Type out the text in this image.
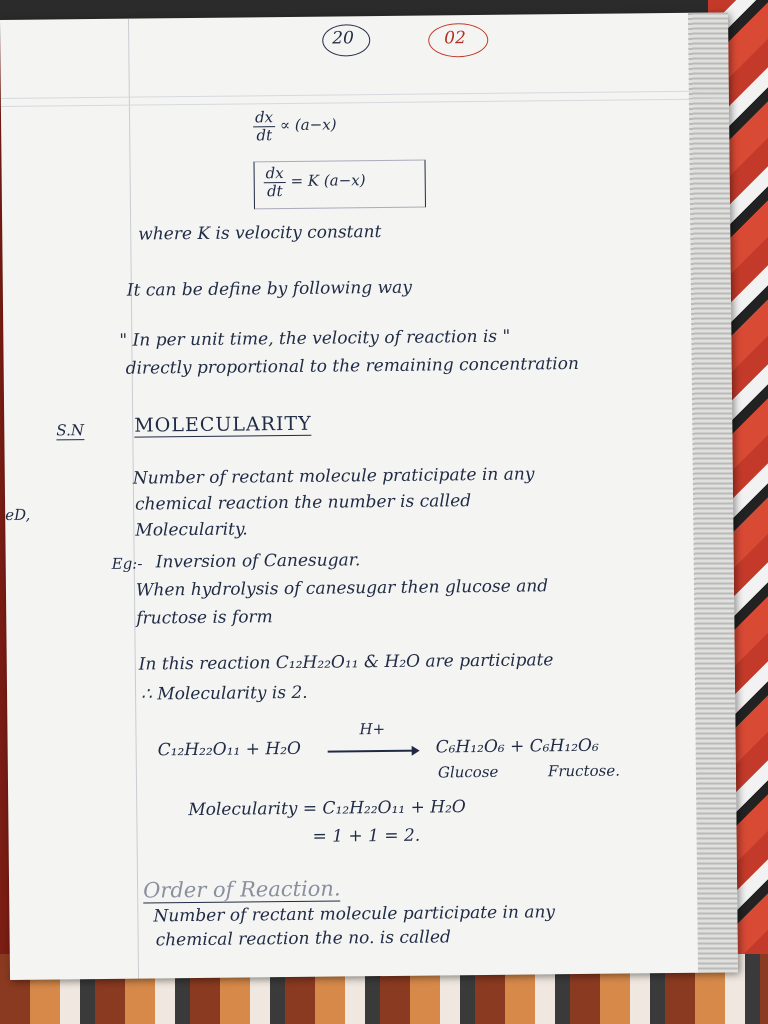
20	02
$\frac{dx}{dt} \propto (a-x)$
$\frac{dx}{dt} = K$ (a−x)
where K is velocity constant
It can be define by following way
" In per unit time, the velocity of reaction is "
directly proportional to the remaining concentration
S.N	MOLECULARITY
eD,
Number of rectant molecule praticipate in any
chemical reaction the number is called
Molecularity.
Eg:- Inversion of Canesugar.
When hydrolysis of canesugar then glucose and
fructose is form
In this reaction C₁₂H₂₂O₁₁ & H₂O are participate
∴ Molecularity is 2.
C₁₂H₂₂O₁₁ + H₂O
H+
C₆H₁₂O₆ + C₆H₁₂O₆
Glucose	Fructose.
Molecularity = C₁₂H₂₂O₁₁ + H₂O
= 1 + 1 = 2.
Order of Reaction.
Number of rectant molecule participate in any
chemical reaction the no. is called
